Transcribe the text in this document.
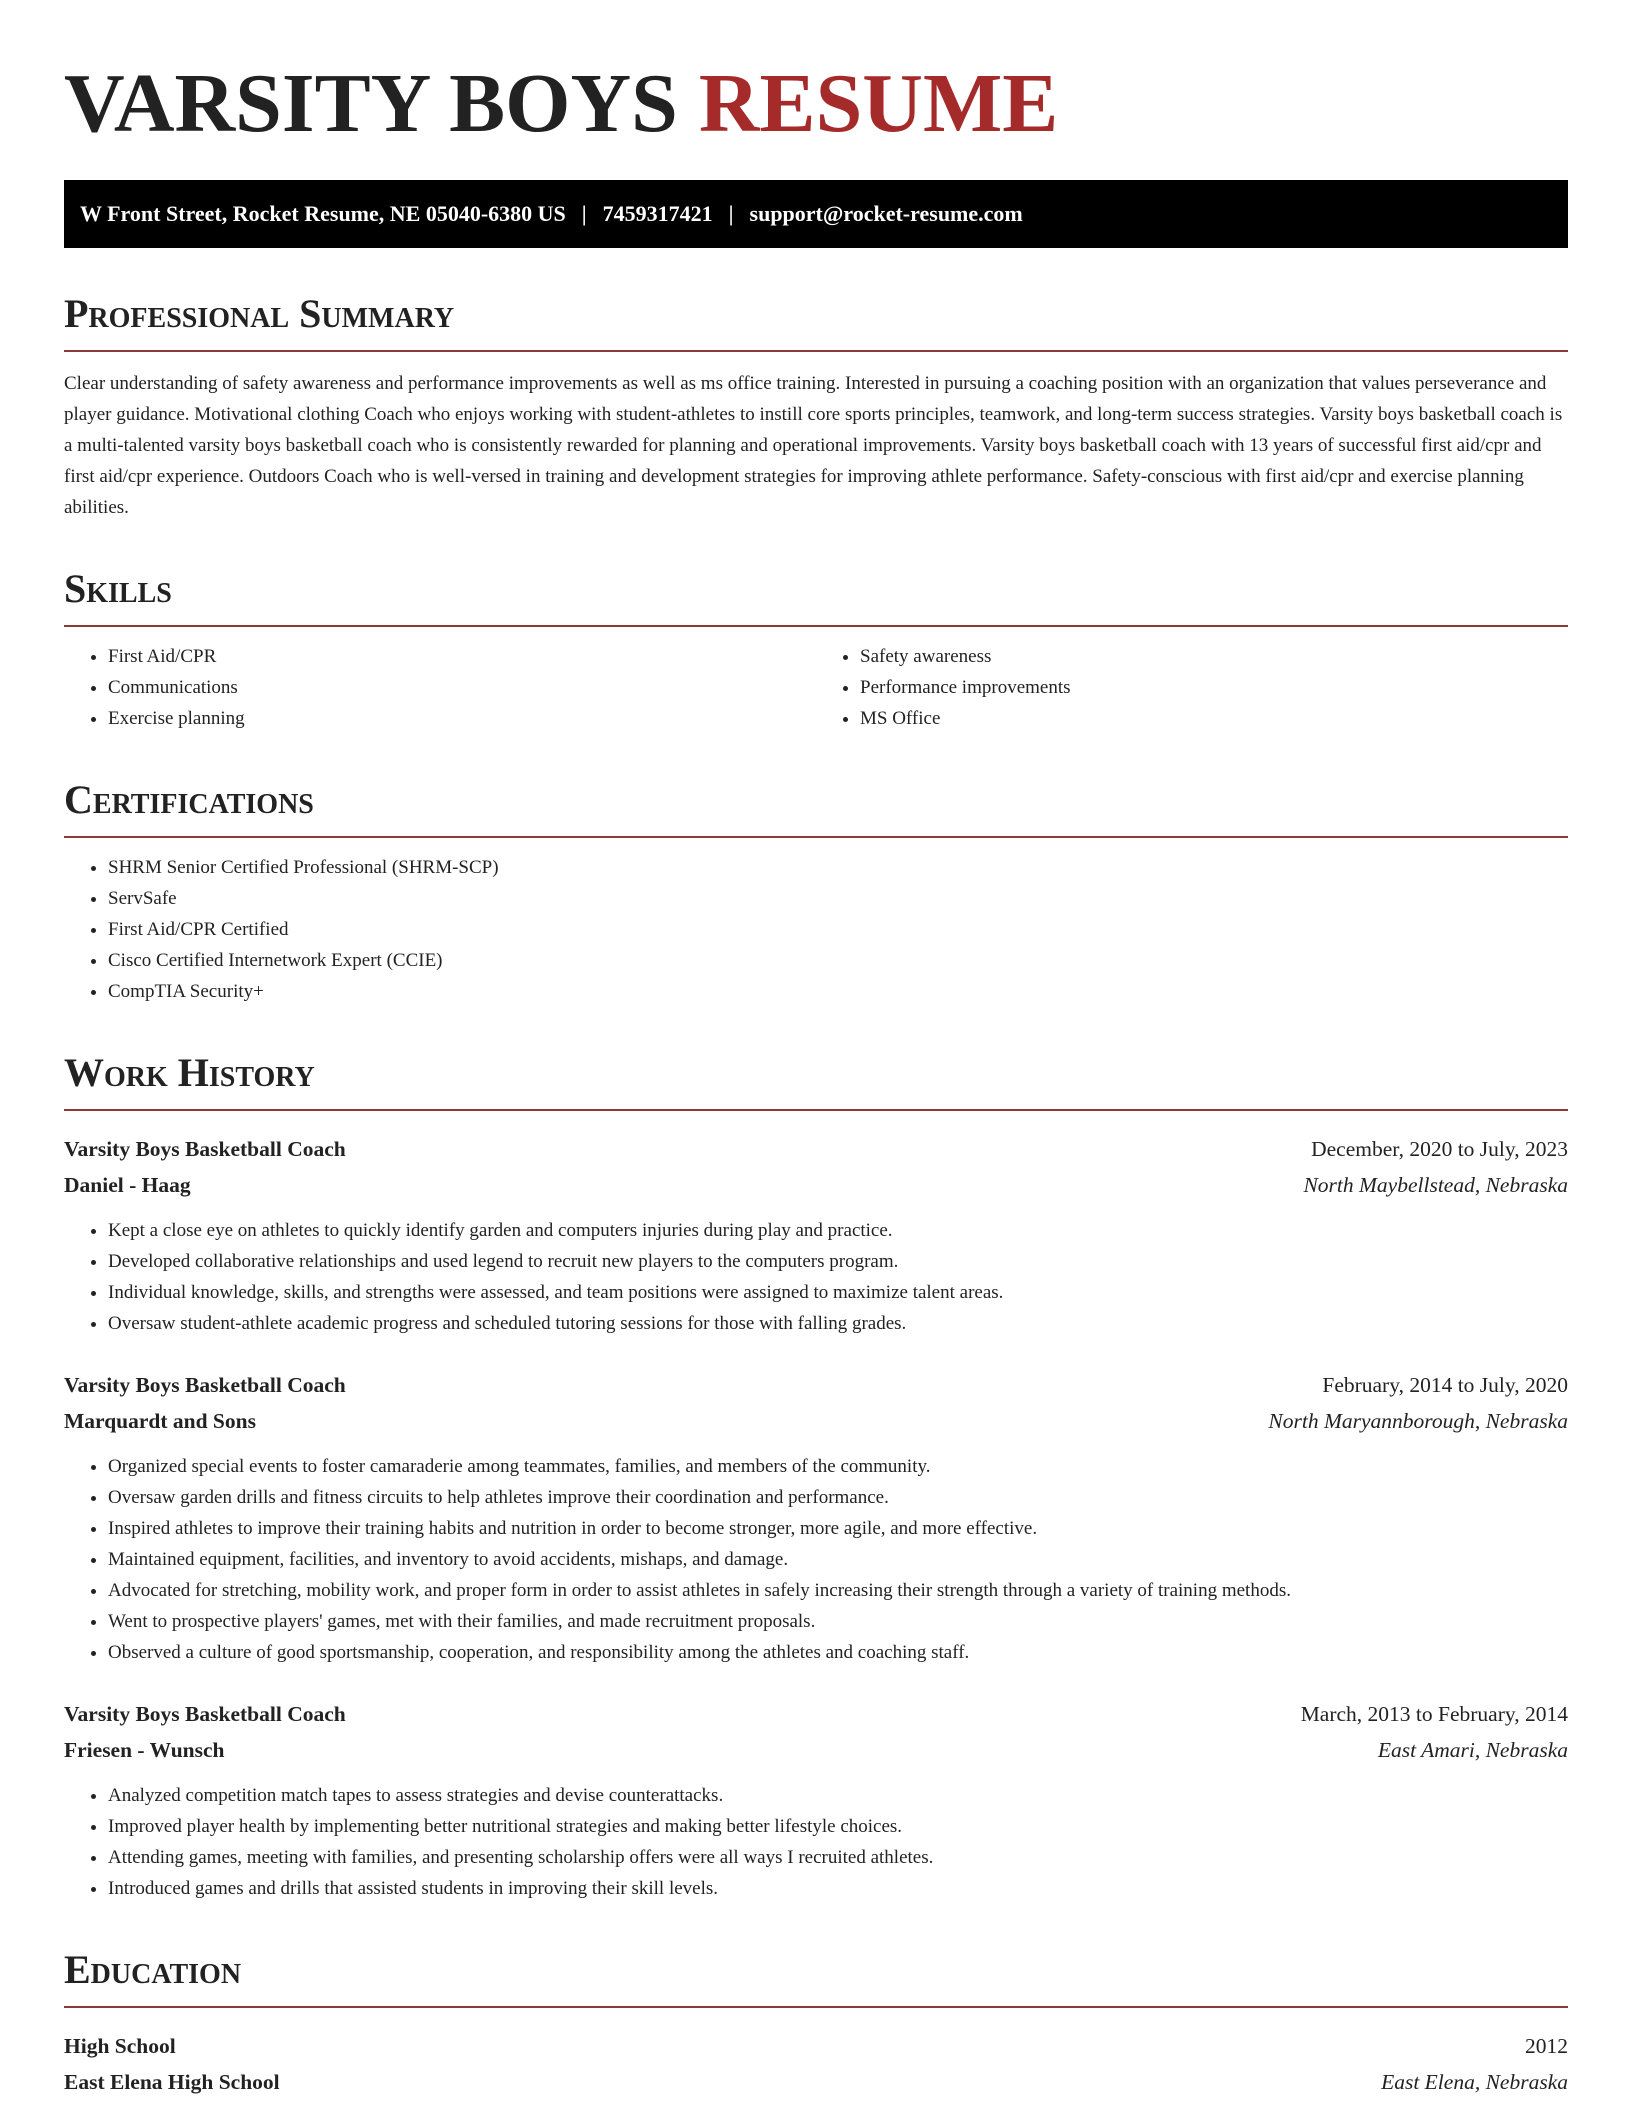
VARSITY BOYS RESUME
W Front Street, Rocket Resume, NE 05040-6380 US | 7459317421 | support@rocket-resume.com
Professional Summary
Clear understanding of safety awareness and performance improvements as well as ms office training. Interested in pursuing a coaching position with an organization that values perseverance and player guidance. Motivational clothing Coach who enjoys working with student-athletes to instill core sports principles, teamwork, and long-term success strategies. Varsity boys basketball coach is a multi-talented varsity boys basketball coach who is consistently rewarded for planning and operational improvements. Varsity boys basketball coach with 13 years of successful first aid/cpr and first aid/cpr experience. Outdoors Coach who is well-versed in training and development strategies for improving athlete performance. Safety-conscious with first aid/cpr and exercise planning abilities.
Skills
• First Aid/CPR
• Communications
• Exercise planning
• Safety awareness
• Performance improvements
• MS Office
Certifications
• SHRM Senior Certified Professional (SHRM-SCP)
• ServSafe
• First Aid/CPR Certified
• Cisco Certified Internetwork Expert (CCIE)
• CompTIA Security+
Work History
Varsity Boys Basketball Coach	December, 2020 to July, 2023
Daniel - Haag	North Maybellstead, Nebraska
• Kept a close eye on athletes to quickly identify garden and computers injuries during play and practice.
• Developed collaborative relationships and used legend to recruit new players to the computers program.
• Individual knowledge, skills, and strengths were assessed, and team positions were assigned to maximize talent areas.
• Oversaw student-athlete academic progress and scheduled tutoring sessions for those with falling grades.
Varsity Boys Basketball Coach	February, 2014 to July, 2020
Marquardt and Sons	North Maryannborough, Nebraska
• Organized special events to foster camaraderie among teammates, families, and members of the community.
• Oversaw garden drills and fitness circuits to help athletes improve their coordination and performance.
• Inspired athletes to improve their training habits and nutrition in order to become stronger, more agile, and more effective.
• Maintained equipment, facilities, and inventory to avoid accidents, mishaps, and damage.
• Advocated for stretching, mobility work, and proper form in order to assist athletes in safely increasing their strength through a variety of training methods.
• Went to prospective players' games, met with their families, and made recruitment proposals.
• Observed a culture of good sportsmanship, cooperation, and responsibility among the athletes and coaching staff.
Varsity Boys Basketball Coach	March, 2013 to February, 2014
Friesen - Wunsch	East Amari, Nebraska
• Analyzed competition match tapes to assess strategies and devise counterattacks.
• Improved player health by implementing better nutritional strategies and making better lifestyle choices.
• Attending games, meeting with families, and presenting scholarship offers were all ways I recruited athletes.
• Introduced games and drills that assisted students in improving their skill levels.
Education
High School	2012
East Elena High School	East Elena, Nebraska
